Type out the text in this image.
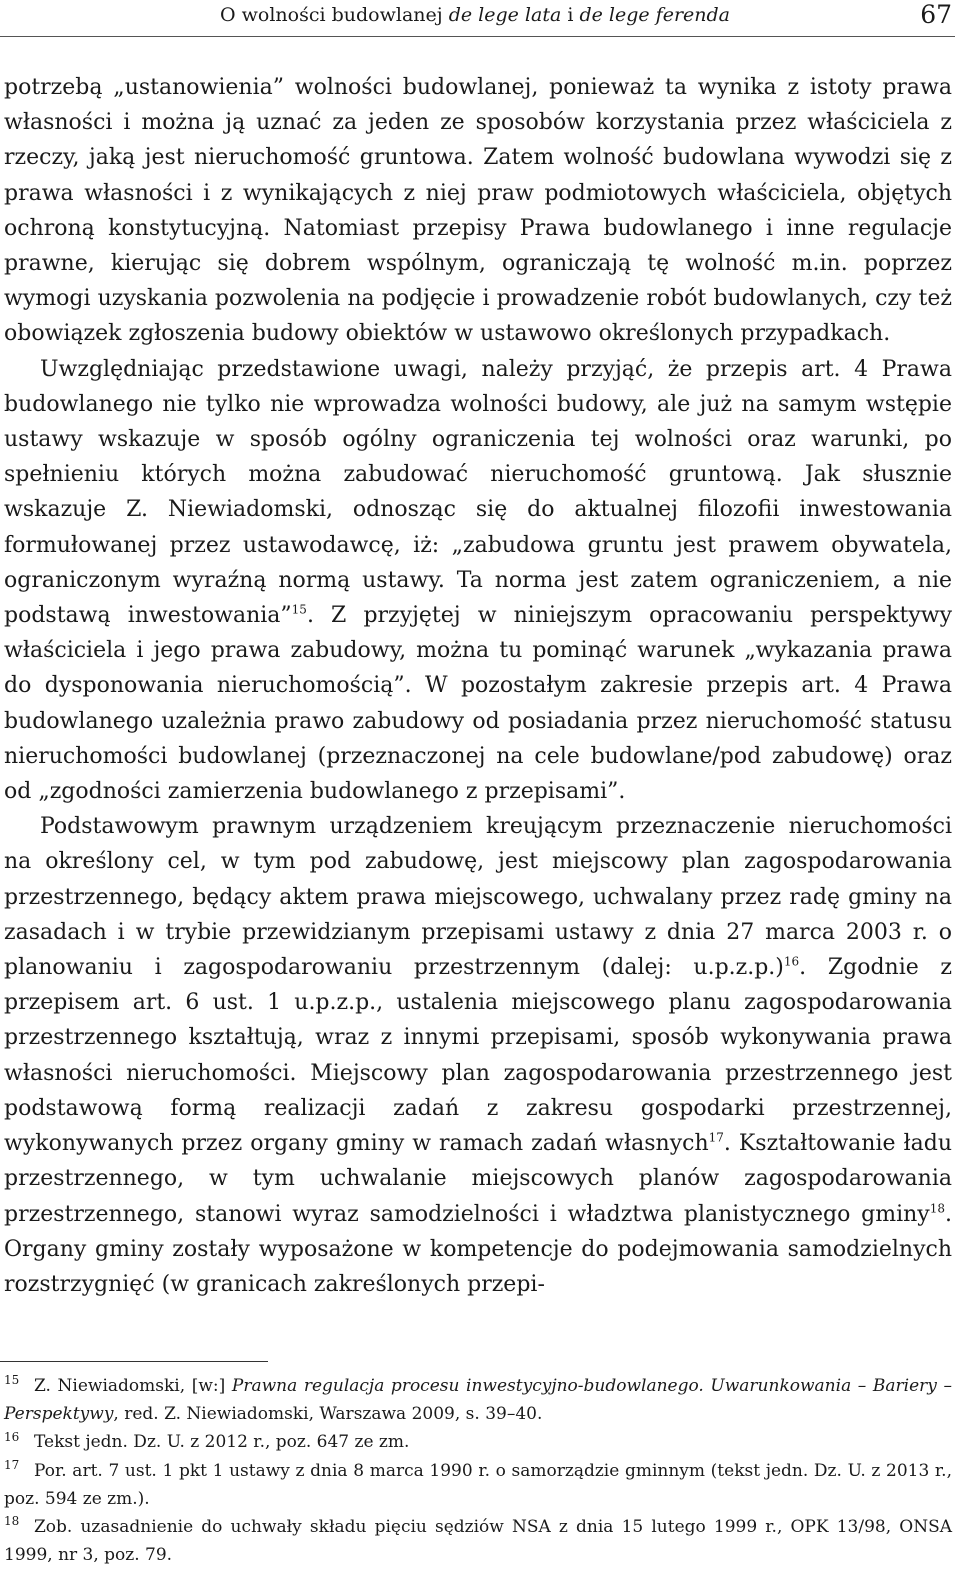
O wolności budowlanej de lege lata i de lege ferenda	67

potrzebą „ustanowienia” wolności budowlanej, ponieważ ta wynika z istoty prawa własności i można ją uznać za jeden ze sposobów korzystania przez właściciela z rzeczy, jaką jest nieruchomość gruntowa. Zatem wolność budowlana wywodzi się z prawa własności i z wynikających z niej praw podmiotowych właściciela, objętych ochroną konstytucyjną. Natomiast przepisy Prawa budowlanego i inne regulacje prawne, kierując się dobrem wspólnym, ograniczają tę wolność m.in. poprzez wymogi uzyskania pozwolenia na podjęcie i prowadzenie robót budowlanych, czy też obowiązek zgłoszenia budowy obiektów w ustawowo określonych przypadkach.

Uwzględniając przedstawione uwagi, należy przyjąć, że przepis art. 4 Prawa budowlanego nie tylko nie wprowadza wolności budowy, ale już na samym wstępie ustawy wskazuje w sposób ogólny ograniczenia tej wolności oraz warunki, po spełnieniu których można zabudować nieruchomość gruntową. Jak słusznie wskazuje Z. Niewiadomski, odnosząc się do aktualnej filozofii inwestowania formułowanej przez ustawodawcę, iż: „zabudowa gruntu jest prawem obywatela, ograniczonym wyraźną normą ustawy. Ta norma jest zatem ograniczeniem, a nie podstawą inwestowania”$^{15}$. Z przyjętej w niniejszym opracowaniu perspektywy właściciela i jego prawa zabudowy, można tu pominąć warunek „wykazania prawa do dysponowania nieruchomością”. W pozostałym zakresie przepis art. 4 Prawa budowlanego uzależnia prawo zabudowy od posiadania przez nieruchomość statusu nieruchomości budowlanej (przeznaczonej na cele budowlane/pod zabudowę) oraz od „zgodności zamierzenia budowlanego z przepisami”.

Podstawowym prawnym urządzeniem kreującym przeznaczenie nieruchomości na określony cel, w tym pod zabudowę, jest miejscowy plan zagospodarowania przestrzennego, będący aktem prawa miejscowego, uchwalany przez radę gminy na zasadach i w trybie przewidzianym przepisami ustawy z dnia 27 marca 2003 r. o planowaniu i zagospodarowaniu przestrzennym (dalej: u.p.z.p.)$^{16}$. Zgodnie z przepisem art. 6 ust. 1 u.p.z.p., ustalenia miejscowego planu zagospodarowania przestrzennego kształtują, wraz z innymi przepisami, sposób wykonywania prawa własności nieruchomości. Miejscowy plan zagospodarowania przestrzennego jest podstawową formą realizacji zadań z zakresu gospodarki przestrzennej, wykonywanych przez organy gminy w ramach zadań własnych$^{17}$. Kształtowanie ładu przestrzennego, w tym uchwalanie miejscowych planów zagospodarowania przestrzennego, stanowi wyraz samodzielności i władztwa planistycznego gminy$^{18}$. Organy gminy zostały wyposażone w kompetencje do podejmowania samodzielnych rozstrzygnięć (w granicach zakreślonych przepi-

15 Z. Niewiadomski, [w:] Prawna regulacja procesu inwestycyjno-budowlanego. Uwarunkowania – Bariery – Perspektywy, red. Z. Niewiadomski, Warszawa 2009, s. 39–40.

16 Tekst jedn. Dz. U. z 2012 r., poz. 647 ze zm.

17 Por. art. 7 ust. 1 pkt 1 ustawy z dnia 8 marca 1990 r. o samorządzie gminnym (tekst jedn. Dz. U. z 2013 r., poz. 594 ze zm.).

18 Zob. uzasadnienie do uchwały składu pięciu sędziów NSA z dnia 15 lutego 1999 r., OPK 13/98, ONSA 1999, nr 3, poz. 79.
